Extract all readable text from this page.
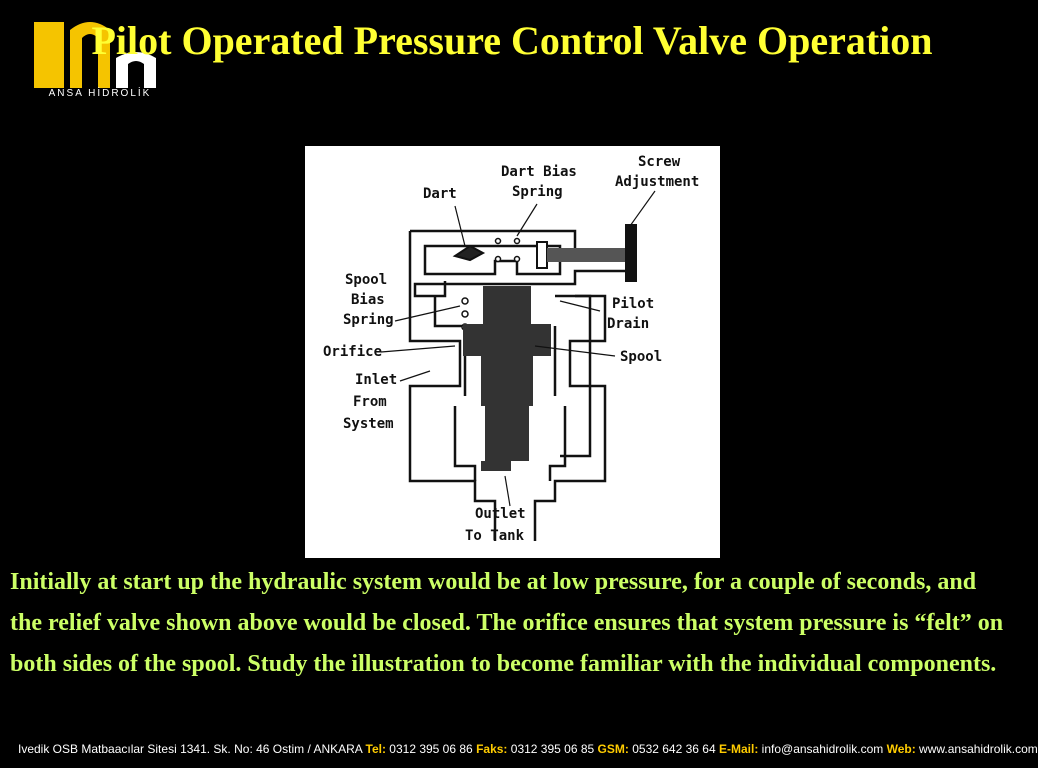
ANSA HİDROLİK
Pilot Operated Pressure Control Valve Operation
Dart
Dart Bias
Spring
Screw
Adjustment
Spool
Bias
Spring
Pilot
Drain
Orifice	Spool
Inlet
From
System
Outlet
To Tank
Initially at start up the hydraulic system would be at low pressure, for a couple of seconds, and the relief valve shown above would be closed. The orifice ensures that system pressure is “felt” on both sides of the spool. Study the illustration to become familiar with the individual components.
Ivedik OSB Matbaacılar Sitesi 1341. Sk. No: 46 Ostim / ANKARA Tel: 0312 395 06 86 Faks: 0312 395 06 85 GSM: 0532 642 36 64 E-Mail: info@ansahidrolik.com Web: www.ansahidrolik.com
